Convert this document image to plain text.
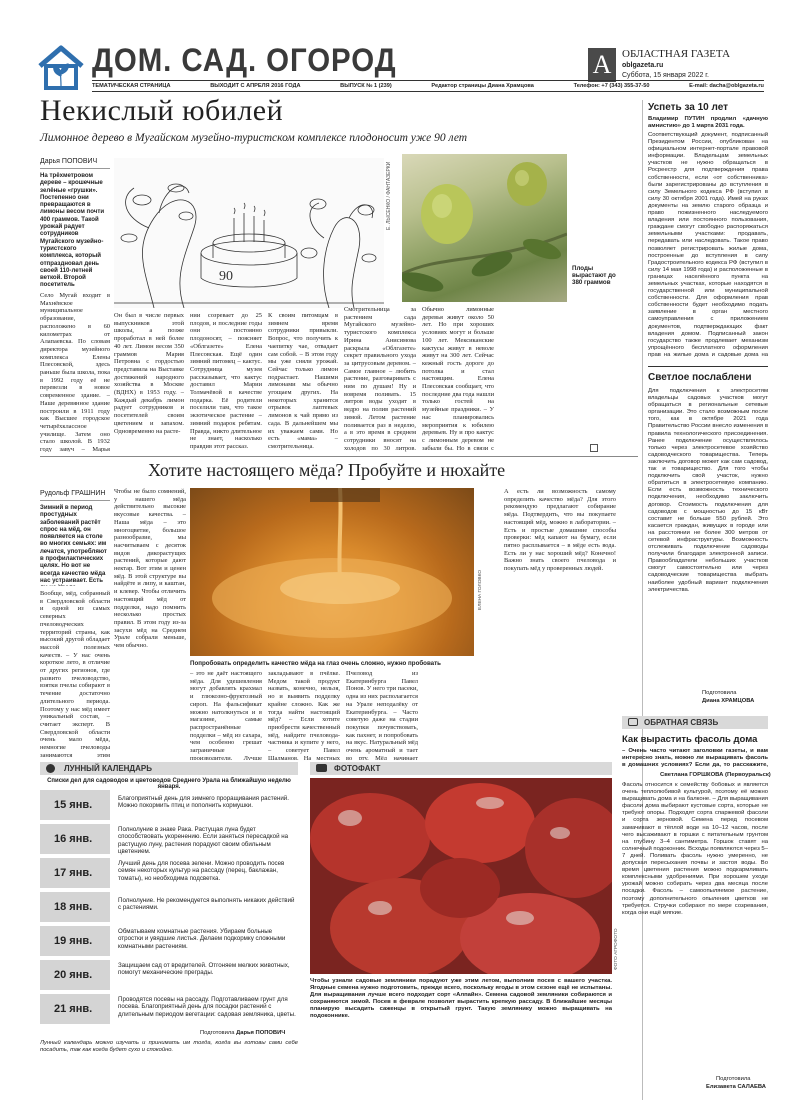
ДОМ. САД. ОГОРОД	А ОБЛАСТНАЯ ГАЗЕТА
oblgazeta.ru
Суббота, 15 января 2022 г.
ТЕМАТИЧЕСКАЯ СТРАНИЦА	ВЫХОДИТ С АПРЕЛЯ 2016 ГОДА	ВЫПУСК № 1 (239)	Редактор страницы Диана Храмцова	Телефон: +7 (343) 355-37-50	E-mail: dacha@oblgazeta.ru
Некислый юбилей
Лимонное дерево в Мугайском музейно-туристском комплексе плодоносит уже 90 лет
Дарья ПОПОВИЧ
На трёхметровом дереве – крошечные зелёные «грушки». Постепенно они превращаются в лимоны весом почти 400 граммов. Такой урожай радует сотрудников Мугайского музейно-туристского комплекса, который отпраздновал день своей 110-летней веткой. Второй посетитель
90
Е. ЛЫСЕНКО / ФАНТАЗЕРКИ
Плоды вырастают до 380 граммов
Село Мугай входит в Махнёвское муниципальное образование, расположено в 60 километрах от Алапаевска. По словам директора музейного комплекса Елены Плесовской, здесь раньше была школа, пока в 1992 году её не перевезли в новое современное здание. – Наше деревянное здание построили в 1911 году как Высшее городское четырёхклассное училище. Затем оно стало школой. В 1932 году завуч – Марья
Он был в числе первых выпускников этой школы, а позже проработал в ней более 40 лет. Лимон весом 350 граммов Мария Петровна с гордостью представила на Выставке достижений народного хозяйства в Москве (ВДНХ) в 1953 году. – Каждый декабрь лимон радует сотрудников и посетителей своим цветением и запахом. Одновременно на расте-
нии созревает до 25 плодов, и последние годы они постоянно плодоносят, – поясняет «Облгазете» Елена Плесовская. Ещё один зимний питомец – кактус. Сотрудница музея рассказывает, что кактус доставил Марии Толмачёвой в качестве подарка. Её родители поселили там, что такое экзотическое растение – зимний подарок ребятам. Правда, никто длительное не знает, насколько правдив этот рассказ.
К своим питомцам в зимнем время сотрудники привыкли. Вопрос, что получить к чаепитку чае, отвадает сам собой. – В этом году мы уже сняли урожай. Сейчас только лимон подрастает. Нашими лимонами мы обычно угощаем других. На некоторых хранится отрывок лаптевых лимонов к чай прямо из сада. В дальнейшем мы их уважаем сами. Но есть «мама» – смотрительница.
Смотрительница за растением сада Мугайского музейно-туристского комплекса Ирина Анисимова раскрыла «Облгазете» секрет правильного ухода за цитрусовым деревом. – Самое главное – любить растение, разговаривать с ним по душам! Ну и вовремя поливать. 15 литров воды уходят в ведро на полив растений зимой. Летом растение поливается раз в неделю, а в это время в среднем сотрудники вносят на холодов по 30 литров.
Обычно лимонные деревья живут около 50 лет. Но при хороших условиях могут и больше 100 лет. Мексиканские кактусы живут в неволе живут на 300 лет. Сейчас кежный гость дороге до потолка и стал настоящим. Елена Плесовская сообщает, что последние два года нашли только гостей на музейные праздники. – У нас планировались мероприятия к юбилею деревьев. Ну и про кактус с лимонным деревом не забыли бы. Но в связи с
Успеть за 10 лет
Владимир ПУТИН продлил «дачную амнистию» до 1 марта 2031 года.
Соответствующий документ, подписанный Президентом России, опубликован на официальном интернет-портале правовой информации. Владельцам земельных участков не нужно обращаться в Росреестр для подтверждения права собственности, если «от собственника» были зарегистрированы до вступления в силу Земельного кодекса РФ (вступил в силу 30 октября 2001 года). Имей на руках документы на землю старого образца и право пожизненного наследуемого владения или постоянного пользования, граждане смогут свободно распоряжаться земельными участками: продавать, передавать или наследовать. Такое право позволяет регистрировать жилые дома, построенные до вступления в силу Градостроительного кодекса РФ (вступил в силу 14 мая 1998 года) и расположенные в границах населённого пункта на земельных участках, которые находятся в государственной или муниципальной собственности. Для оформления прав собственности будет необходимо подать заявление в орган местного самоуправления с приложением документов, подтверждающих факт владения домом. Подписанный закон государство также продлевает механизм упрощённого бесплатного оформления прав на жилые дома и садовые дома на
Светлое послаблени
Для подключения к электросетям владельцы садовых участков могут обращаться в региональные сетевые организации. Это стало возможным после того, как в октябре 2021 года Правительство России внесло изменения в правила технологического присоединения. Ранее подключение осуществлялось только через электросетевое хозяйство садоводческого товарищества. Теперь заключить договор может как сам садовод, так и товарищество. Для того чтобы подключить свой участок, нужно обратиться в электросетевую компанию. Если есть возможность технического подключения, необходимо заключить договор. Стоимость подключения для садоводов с мощностью до 15 кВт составит не больше 550 рублей. Это касается граждан, живущих в городе или на расстоянии не более 300 метров от сетевой инфраструктуры. Возможность отслеживать подключение садоводы получили благодаря электронной записи. Правообладатели небольших участков смогут самостоятельно или через садоводческие товарищества выбрать наиболее удобный вариант подключения электричества.
Подготовила
Диана ХРАМЦОВА
ОБРАТНАЯ СВЯЗЬ
Как вырастить фасоль дома
– Очень часто читают заголовки газеты, и вам интересно знать, можно ли выращивать фасоль в домашних условиях? Если да, то расскажите,
Светлана ГОРШКОВА (Первоуральск)
Фасоль относится к семейству бобовых и является очень теплолюбивой культурой, поэтому её можно выращивать дома и на балконе. – Для выращивания фасоли дома выбирают кустовые сорта, которые не требуют опоры. Подходят сорта спаржевой фасоли и сорта зерновой. Семена перед посевом замачивают в тёплой воде на 10–12 часов, после чего высаживают в горшки с питательным грунтом на глубину 3–4 сантиметра. Горшок ставят на солнечный подоконник. Всходы появляются через 5–7 дней. Поливать фасоль нужно умеренно, не допуская пересыхания почвы и застоя воды. Во время цветения растения можно подкармливать комплексными удобрениями. При хорошем уходе урожай можно собирать через два месяца после посадки. Фасоль – самоопыляемое растение, поэтому дополнительного опыления цветков не требуется. Стручки собирают по мере созревания, когда они ещё мягкие.
Подготовила
Елизавета САЛАЕВА
Хотите настоящего мёда? Пробуйте и нюхайте
Рудольф ГРАШНИН
Зимний в период простудных заболеваний растёт спрос на мёд, он появляется на столе во многих семьях: им лечатся, употребляют в профилактических целях. Но вот не всегда качество мёда нас устраивает. Есть	ЕЛЕНА ГОЛОВКО
Попробовать определить качество мёда на глаз очень сложно, нужно пробовать
Вообще, мёд, собранный в Свердловской области и одной из самых северных пчеловодческих территорий страны, как высокий другой обладает массой полезных качеств. – У нас очень короткое лето, в отличие от других регионов, где развито пчеловодство, взятки пчелы собирают в течение достаточно длительного периода. Поэтому у нас мёд имеет уникальный состав, – считает эксперт. В Свердловской области очень мало мёда, немногие пчеловоды занимаются этим
Чтобы не было сомнений, у нашего мёда действительно высокие вкусовые качества. – Наша мёда – это многоцветие, большое разнообразие, мы насчитываем с десяток видов дикорастущих растений, которые дают нектар. Вот этим и ценен мёд. В этой структуре вы найдёте и липу, и каштан, и клевер. Чтобы отличить настоящий мёд от подделки, надо помнить несколько простых правил. В этом году из-за засухи мёд на Среднем Урале собрали меньше, чем обычно.
– это не даёт настоящего мёда. Для удешевления могут добавлять крахмал и глюкозно-фруктозный сироп. На фальсификат можно натолкнуться и в магазине, самые распространённые подделки – мёд из сахара, чем особенно грешат заграничные производители. Лучше
закладывают в пчёлке. Медом такой продукт назвать, конечно, нельзя, но и выявить подделку крайне сложно. Как же тогда найти настоящий мёд? – Если хотите приобрести качественный мёд, найдите пчеловода-частника и купите у него, – советует Павел Шалманов. На местных
Пчеловод из Екатеринбурга Павел Понов. У него три пасеки, одна из них располагается на Урале неподалёку от Екатеринбурга. – Часто советую даже на стадии покупки почувствовать, как пахнет, и попробовать на вкус. Натуральный мёд очень ароматный и тает во рту. Мёд начинает
А есть ли возможность самому определить качество мёда? Для этого рекомендую предлагают собирание мёда. Подтвердить, что вы покупаете настоящий мёд, можно в лаборатории. – Есть и простые домашние способы проверки: мёд капают на бумагу, если пятно расплывается – в мёде есть вода. Есть ли у нас хороший мёд? Конечно! Важно знать своего пчеловода и покупать мёд у проверенных людей.
ЛУННЫЙ КАЛЕНДАРЬ
Списки дел для садоводов и цветоводов Среднего Урала на ближайшую неделю января.
15 янв.
Благоприятный день для зимнего проращивания растений. Можно покормить птиц и пополнить кормушки.
16 янв.
Полнолуние в знаке Рака. Растущая луна будет способствовать укоренению. Если заняться пересадкой на растущую луну, растения порадуют своим обильным цветением.
17 янв.
Лучший день для посева зелени. Можно проводить посев семян некоторых культур на рассаду (перец, баклажан, томаты), но необходима подсветка.
18 янв.
Полнолуние. Не рекомендуется выполнять никаких действий с растениями.
19 янв.
Обматываем комнатные растения. Убираем больные отростки и увядшие листья. Делаем подкормку сложными комнатными растениям.
20 янв.
Защищаем сад от вредителей. Отгоняем мелких животных, помогут механические преграды.
21 янв.
Проводятся посевы на рассаду. Подготавливаем грунт для посева. Благоприятный день для посадки растений с длительным периодом вегетации: садовая земляника, цветы.
Подготовила Дарья ПОПОВИЧ
Лунный календарь можно изучать и принимать им тогда, когда вы готовы сами себе посадить, так как когда будет сухо и спокойно.
ФОТОФАКТ
ФОТО АГРОФОТО
Чтобы узнали садовые земляники порадуют уже этим летом, выполнив посев с вашего участка. Ягодные семена нужно подготовить, прежде всего, поскольку ягоды в этом сезоне ещё не испытаны. Для выращивания лучше всего подходит сорт «Алпайн». Семена садовой земляники собираются и сохраняются зимой. Посев в феврале позволит вырастить крепкую рассаду. В ближайшие месяцы планирую высадить саженцы в открытый грунт. Такую землянику можно выращивать на подоконнике.
